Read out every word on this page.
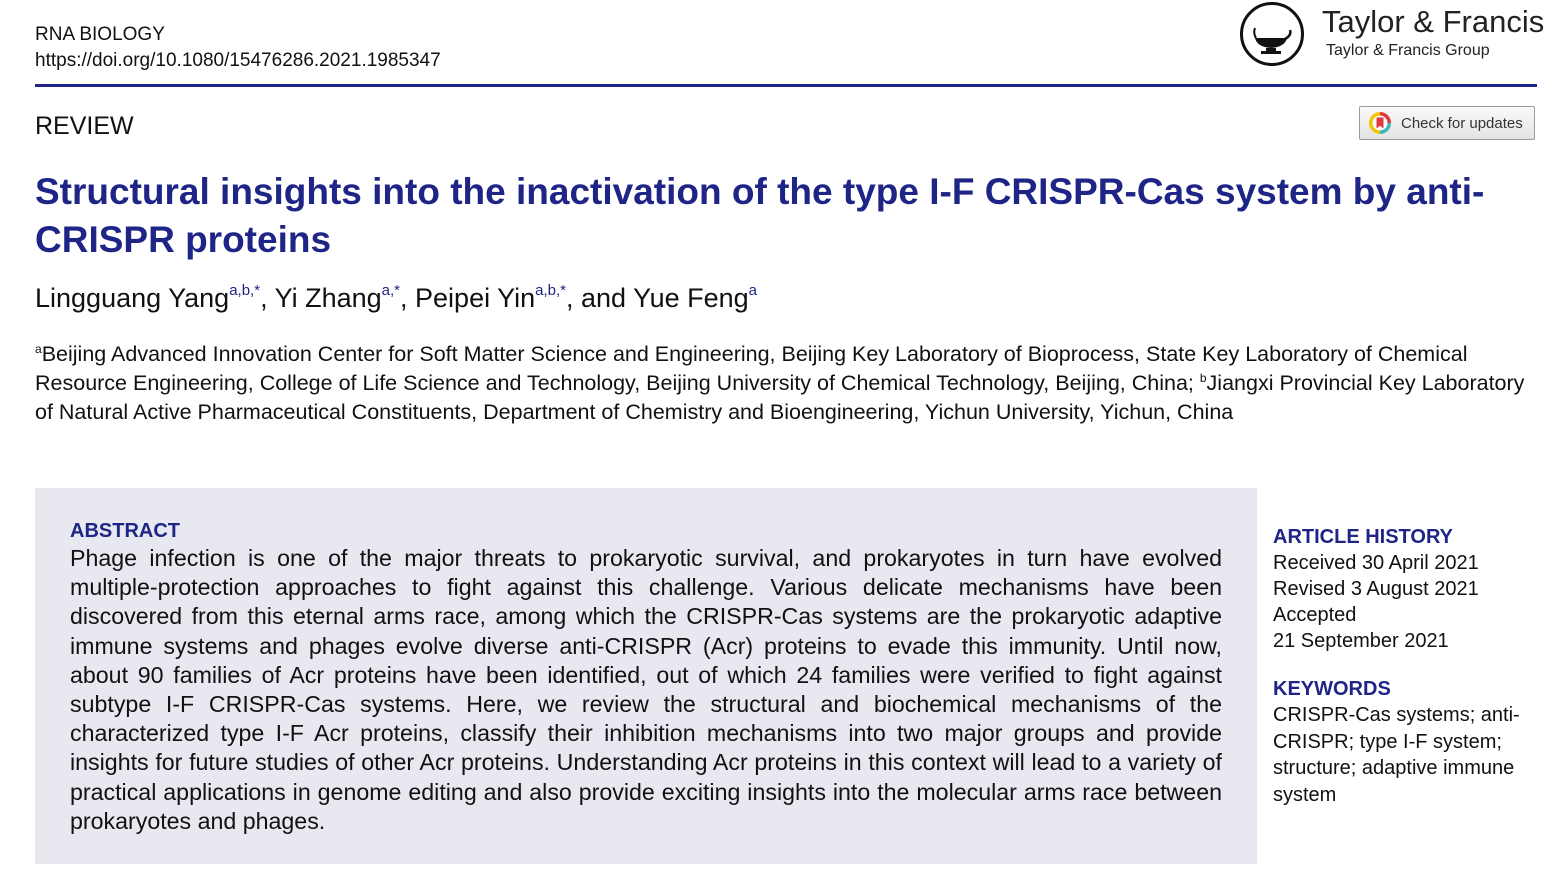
RNA BIOLOGY
https://doi.org/10.1080/15476286.2021.1985347
Taylor & Francis
Taylor & Francis Group
REVIEW	Check for updates
Structural insights into the inactivation of the type I-F CRISPR-Cas system by anti-CRISPR proteins
Lingguang Yang$^{a,b,*}$, Yi Zhang$^{a,*}$, Peipei Yin$^{a,b,*}$, and Yue Feng$^a$

$^a$Beijing Advanced Innovation Center for Soft Matter Science and Engineering, Beijing Key Laboratory of Bioprocess, State Key Laboratory of Chemical Resource Engineering, College of Life Science and Technology, Beijing University of Chemical Technology, Beijing, China; $^b$Jiangxi Provincial Key Laboratory of Natural Active Pharmaceutical Constituents, Department of Chemistry and Bioengineering, Yichun University, Yichun, China

ABSTRACT

Phage infection is one of the major threats to prokaryotic survival, and prokaryotes in turn have evolved multiple-protection approaches to fight against this challenge. Various delicate mechanisms have been discovered from this eternal arms race, among which the CRISPR-Cas systems are the prokaryotic adaptive immune systems and phages evolve diverse anti-CRISPR (Acr) proteins to evade this immunity. Until now, about 90 families of Acr proteins have been identified, out of which 24 families were verified to fight against subtype I-F CRISPR-Cas systems. Here, we review the structural and biochemical mechanisms of the characterized type I-F Acr proteins, classify their inhibition mechanisms into two major groups and provide insights for future studies of other Acr proteins. Understanding Acr proteins in this context will lead to a variety of practical applications in genome editing and also provide exciting insights into the molecular arms race between prokaryotes and phages.

ARTICLE HISTORY
Received 30 April 2021
Revised 3 August 2021
Accepted
21 September 2021
KEYWORDS

CRISPR-Cas systems; anti-CRISPR; type I-F system; structure; adaptive immune system
